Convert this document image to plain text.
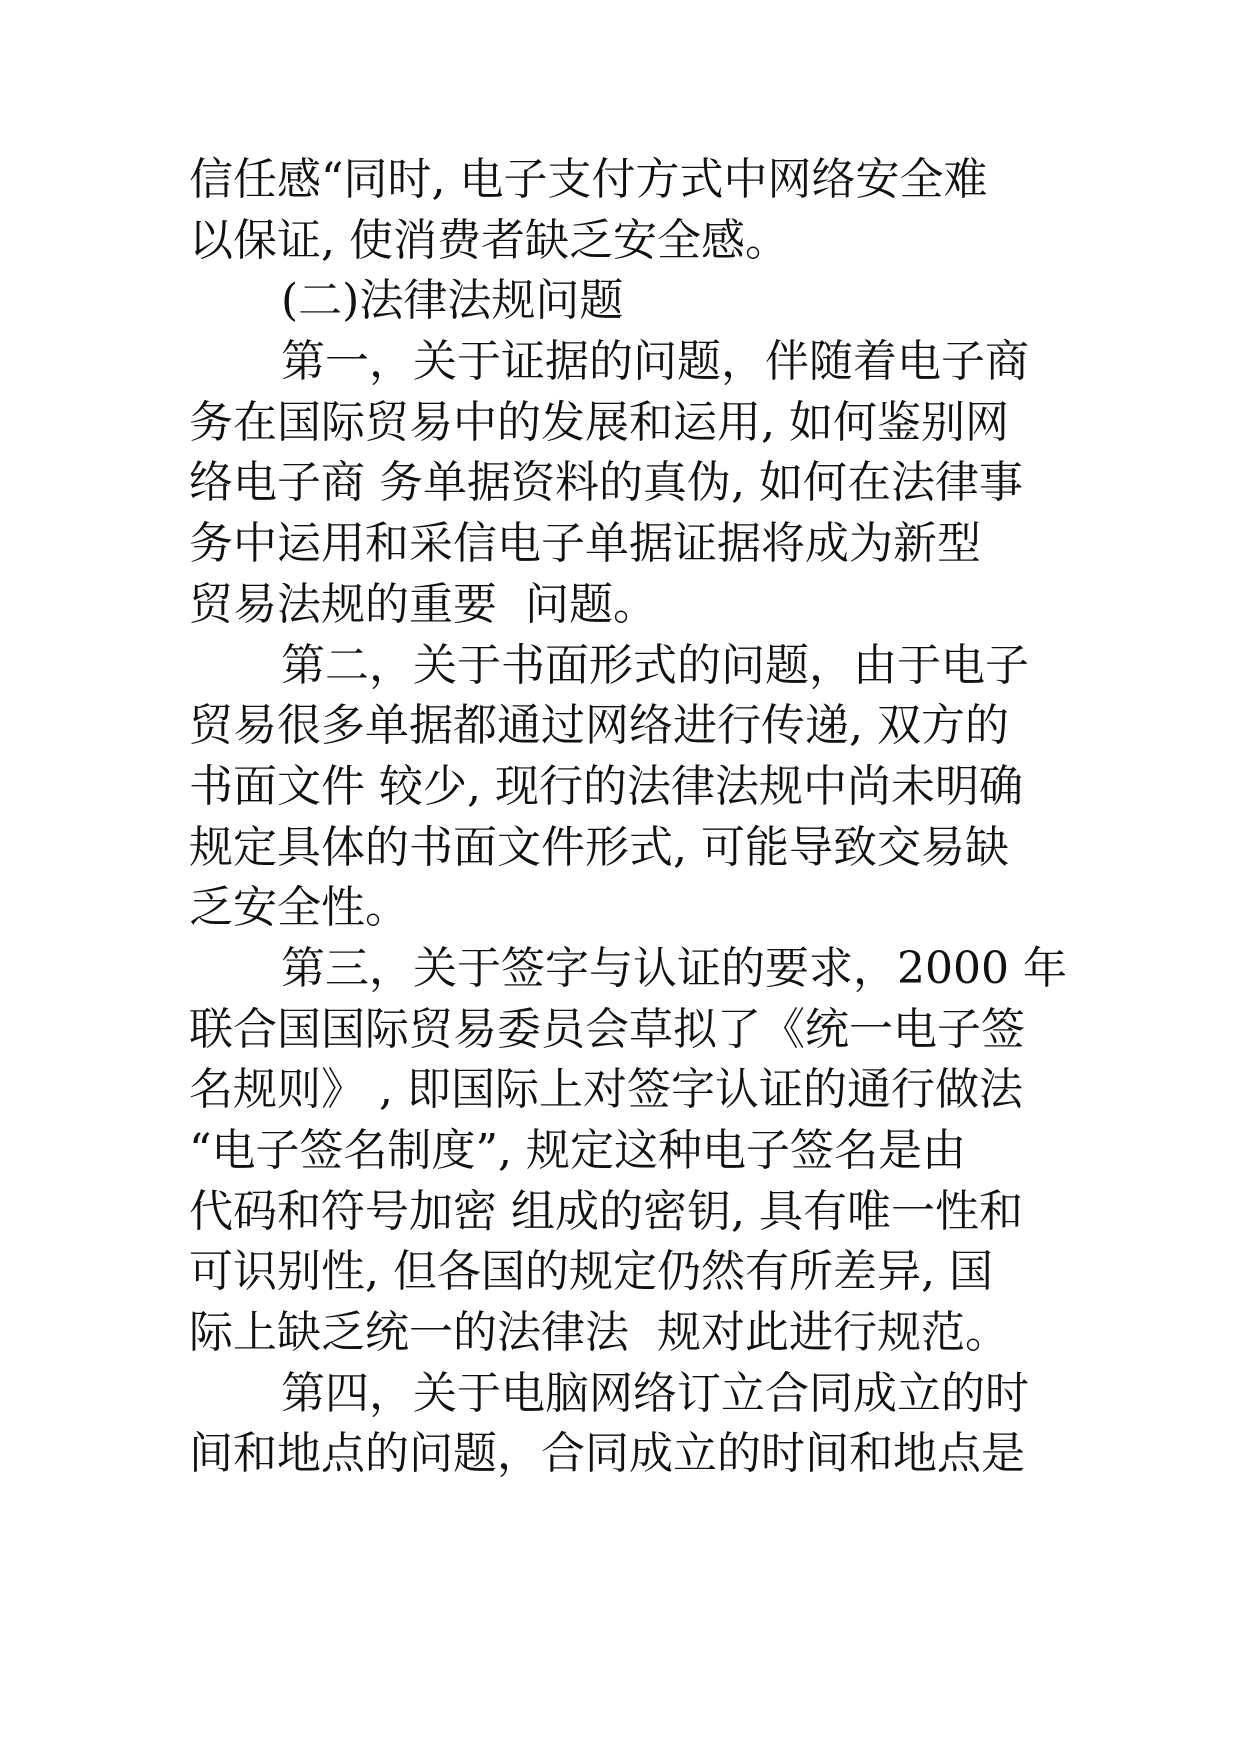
信任感“同时, 电子支付方式中网络安全难
以保证, 使消费者缺乏安全感。
(二)法律法规问题
第一，关于证据的问题，伴随着电子商
务在国际贸易中的发展和运用, 如何鉴别网
络电子商 务单据资料的真伪, 如何在法律事
务中运用和采信电子单据证据将成为新型
贸易法规的重要  问题。
第二，关于书面形式的问题，由于电子
贸易很多单据都通过网络进行传递, 双方的
书面文件 较少, 现行的法律法规中尚未明确
规定具体的书面文件形式, 可能导致交易缺
乏安全性。
第三，关于签字与认证的要求，2000 年
联合国国际贸易委员会草拟了《统一电子签
名规则》 , 即国际上对签字认证的通行做法
“电子签名制度”, 规定这种电子签名是由
代码和符号加密 组成的密钥, 具有唯一性和
可识别性, 但各国的规定仍然有所差异, 国
际上缺乏统一的法律法  规对此进行规范。
第四，关于电脑网络订立合同成立的时
间和地点的问题，合同成立的时间和地点是
